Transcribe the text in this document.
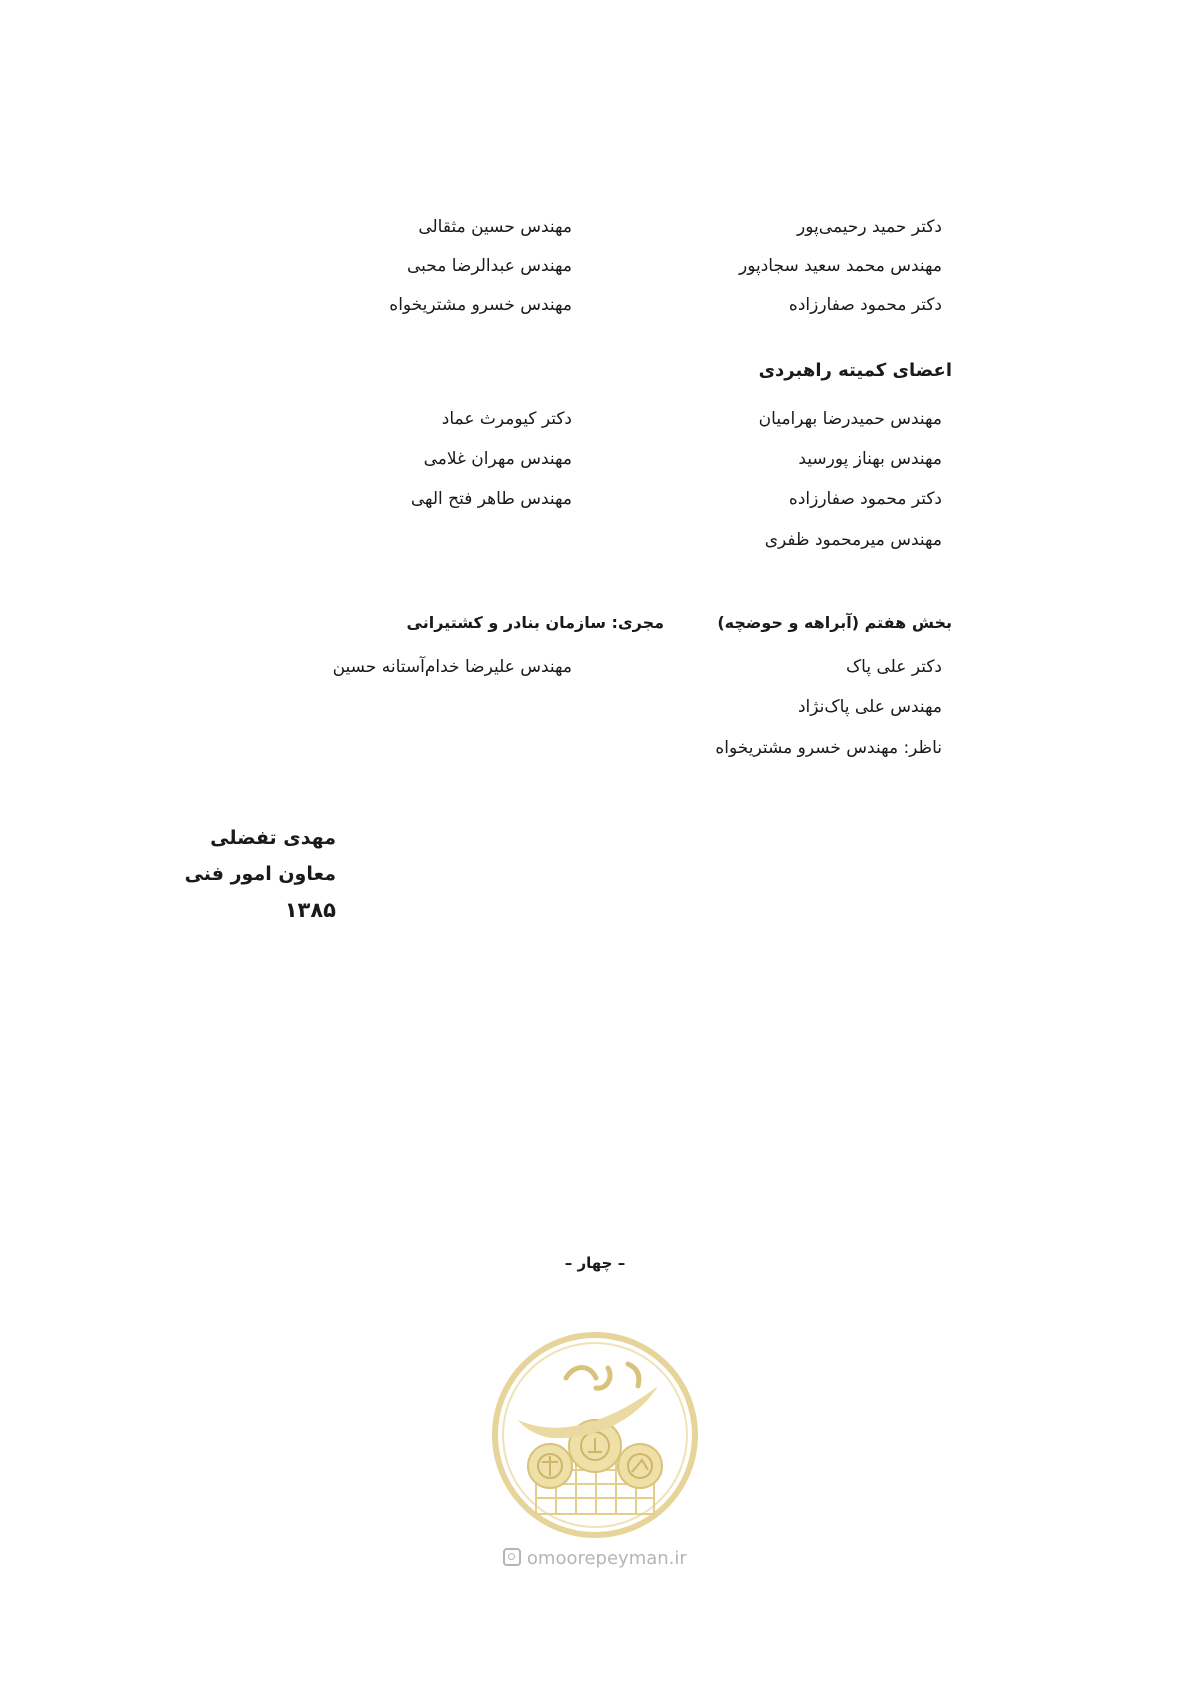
دکتر حمید رحیمی‌پور
مهندس محمد سعید سجادپور
دکتر محمود صفارزاده
مهندس حسین مثقالی
مهندس عبدالرضا محبی
مهندس خسرو مشتریخواه
اعضای کمیته راهبردی
مهندس حمیدرضا بهرامیان
مهندس بهناز پورسید
دکتر محمود صفارزاده
مهندس میرمحمود ظفری
دکتر کیومرث عماد
مهندس مهران غلامی
مهندس طاهر فتح الهی
بخش هفتم (آبراهه و حوضچه)
مجری: سازمان بنادر و کشتیرانی
دکتر علی پاک
مهندس علی پاک‌نژاد
ناظر: مهندس خسرو مشتریخواه
مهندس علیرضا خدام‌آستانه حسین
مهدی تفضلی
معاون امور فنی
۱۳۸۵
– چهار –
omoorepeyman.ir
